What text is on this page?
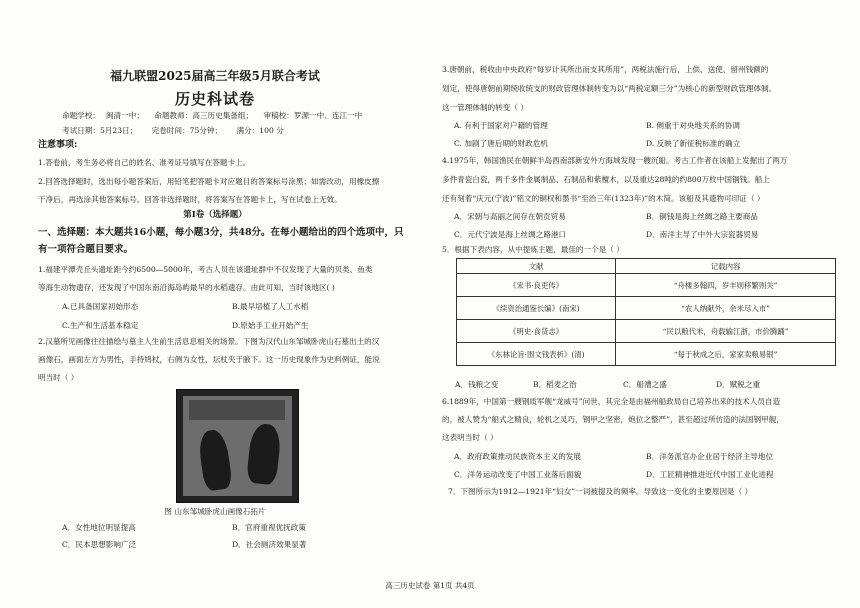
福九联盟2025届高三年级5月联合考试
历史科试卷
命题学校： 闽清一中； 命题教师：高三历史集备组； 审稿校：罗源一中、连江一中
考试日期：5月23日； 完卷时间：75分钟； 满分：100 分
注意事项:
1.答卷前，考生务必将自己的姓名、准考证号填写在答题卡上。
2.回答选择题时，选出每小题答案后，用铅笔把答题卡对应题目的答案标号涂黑；如需改动，用橡皮擦
干净后，再选涂其他答案标号。回答非选择题时，将答案写在答题卡上，写在试卷上无效。
第Ⅰ卷（选择题）
一、选择题：本大题共16小题，每小题3分，共48分。在每小题给出的四个选项中，只
有一项符合题目要求。
1.福建平潭壳丘头遗址距今约6500—5000年，考古人员在该遗址群中不仅发现了大量的贝类、鱼类
等海生动物遗存，还发现了中国东南沿海岛屿最早的水稻遗存。由此可知，当时该地区( )
A.已具备国家初始形态	B.最早培植了人工水稻
C.生产和生活基本稳定	D.原始手工业开始产生
2.汉墓所见画像往往描绘与墓主人生前生活息息相关的场景。下图为汉代山东邹城卧虎山石墓出土的汉
画像石，画面左方为男性，手持鸠杖，右侧为女性，坛杖夹于腋下。这一历史现象作为史料例证，能说
明当时（ ）
图 山东邹城卧虎山画像石拓片
A．女性地位明显提高	B．官府重视优抚政策
C．民本思想影响广泛	D．社会厕济效果显著
3.唐朝前，税收由中央政府“每岁计其所出而支其所用”，两税法施行后，上供、送使、留州钱额的
划定，使得唐朝前期统收统支的财政管理体制转变为以“两税定额三分”为核心的新型财政管理体制。
这一管理体制的转变（ ）
A. 有利于国家对户籍的管理	B. 侧重于对央地关系的协调
C. 加剧了唐后期的财政危机	D. 反映了新征税标准的确立
4.1975年，韩国渔民在朝鲜半岛西南部新安外方海域发现一艘沉船。考古工作者在该船上发掘出了两万
多件青瓷白瓷，两千多件金属制品、石制品和紫檀木，以及重达28吨的约800万枚中国铜钱。船上
还有刻着“庆元(宁波)”铭文的铜权和墨书“至治三年(1323年)”的木简。该船及其遗物可印证（ ）
A．宋朝与高丽之间存在朝贡贸易	B．铜钱是海上丝绸之路主要商品
C．元代宁波是海上丝绸之路港口	D．南洋主导了中外大宗瓷器贸易
5．根据下表内容，从中提炼主题，最佳的一个是（ ）
文献	记载内容
《宋书·良吏传》	“舟楼多翰四，岁丰则移繁则关”
《续资治通鉴长编》(南宋)	“农人纳献外，余米尽入市”
《明史·食货志》	“民以粮代米，舟载输江浙，市价腾踊”
《东林论旨·围文钱表析》(清)	“每于秋成之后，家家卖粮易银”
A．钱粮之变	B．稻麦之治	C．船漕之盛	D．赋税之重
6.1889年，中国第一艘钢质军舰“龙威号”问世，其完全是由福州船政局自己培养出来的技术人员自造
的，被人赞为“船式之精良，轮机之灵巧，钢甲之坚密，炮位之整严”，甚至超过所仿造的法国钢甲舰，
这表明当时（ ）
A．政府政策推动民族资本主义的发展	B．洋务派官办企业居于经济主导地位
C．洋务运动改变了中国工业落后面貌	D．工匠精神推进近代中国工业化进程
7．下图所示为1912—1921年“妇女”一词被提及的频率。导致这一变化的主要原因是（ ）
高三历史试卷 第1页 共4页
